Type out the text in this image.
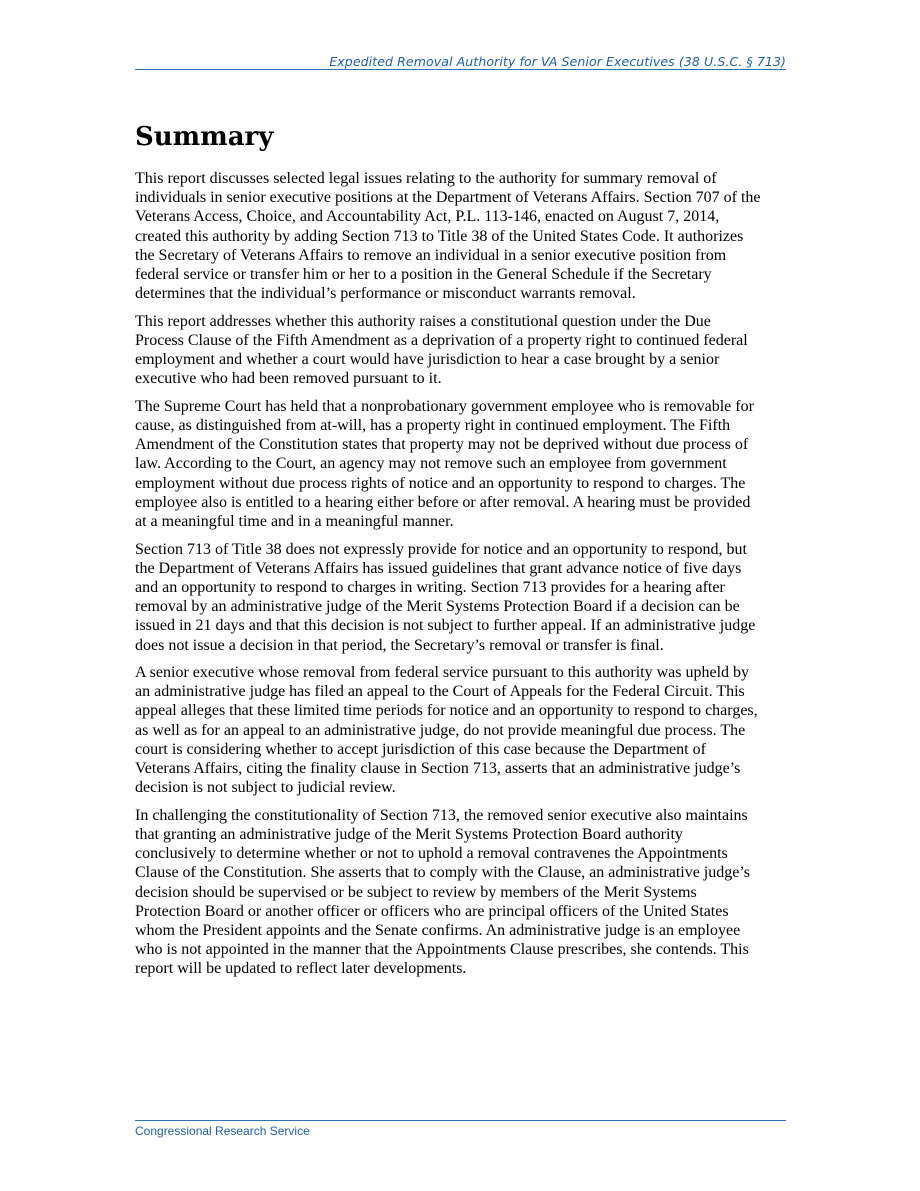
Expedited Removal Authority for VA Senior Executives (38 U.S.C. § 713)
Summary

This report discusses selected legal issues relating to the authority for summary removal of
individuals in senior executive positions at the Department of Veterans Affairs. Section 707 of the
Veterans Access, Choice, and Accountability Act, P.L. 113-146, enacted on August 7, 2014,
created this authority by adding Section 713 to Title 38 of the United States Code. It authorizes
the Secretary of Veterans Affairs to remove an individual in a senior executive position from
federal service or transfer him or her to a position in the General Schedule if the Secretary
determines that the individual’s performance or misconduct warrants removal.

This report addresses whether this authority raises a constitutional question under the Due
Process Clause of the Fifth Amendment as a deprivation of a property right to continued federal
employment and whether a court would have jurisdiction to hear a case brought by a senior
executive who had been removed pursuant to it.

The Supreme Court has held that a nonprobationary government employee who is removable for
cause, as distinguished from at-will, has a property right in continued employment. The Fifth
Amendment of the Constitution states that property may not be deprived without due process of
law. According to the Court, an agency may not remove such an employee from government
employment without due process rights of notice and an opportunity to respond to charges. The
employee also is entitled to a hearing either before or after removal. A hearing must be provided
at a meaningful time and in a meaningful manner.

Section 713 of Title 38 does not expressly provide for notice and an opportunity to respond, but
the Department of Veterans Affairs has issued guidelines that grant advance notice of five days
and an opportunity to respond to charges in writing. Section 713 provides for a hearing after
removal by an administrative judge of the Merit Systems Protection Board if a decision can be
issued in 21 days and that this decision is not subject to further appeal. If an administrative judge
does not issue a decision in that period, the Secretary’s removal or transfer is final.

A senior executive whose removal from federal service pursuant to this authority was upheld by
an administrative judge has filed an appeal to the Court of Appeals for the Federal Circuit. This
appeal alleges that these limited time periods for notice and an opportunity to respond to charges,
as well as for an appeal to an administrative judge, do not provide meaningful due process. The
court is considering whether to accept jurisdiction of this case because the Department of
Veterans Affairs, citing the finality clause in Section 713, asserts that an administrative judge’s
decision is not subject to judicial review.

In challenging the constitutionality of Section 713, the removed senior executive also maintains
that granting an administrative judge of the Merit Systems Protection Board authority
conclusively to determine whether or not to uphold a removal contravenes the Appointments
Clause of the Constitution. She asserts that to comply with the Clause, an administrative judge’s
decision should be supervised or be subject to review by members of the Merit Systems
Protection Board or another officer or officers who are principal officers of the United States
whom the President appoints and the Senate confirms. An administrative judge is an employee
who is not appointed in the manner that the Appointments Clause prescribes, she contends. This
report will be updated to reflect later developments.

Congressional Research Service
